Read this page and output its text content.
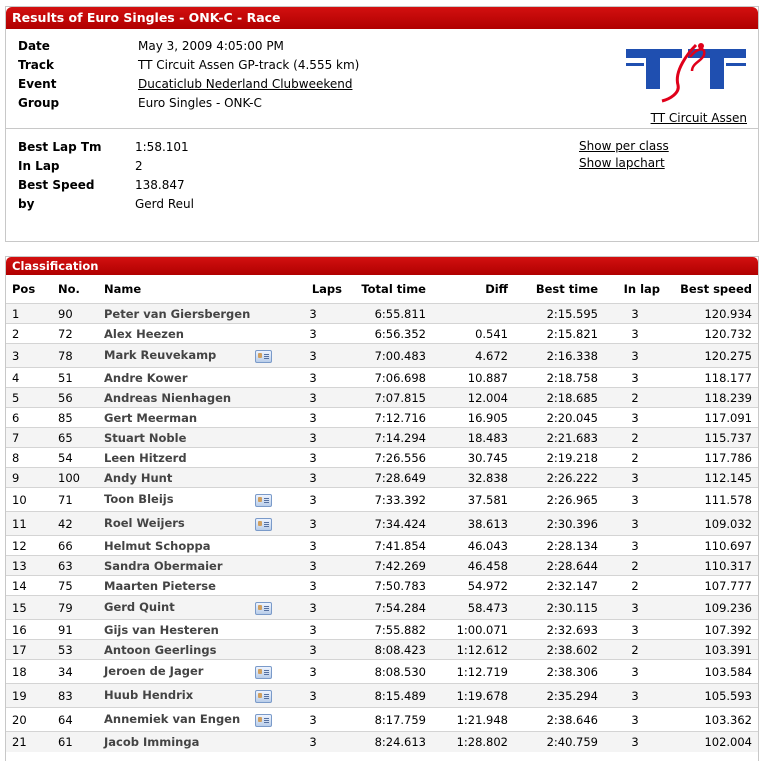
Results of Euro Singles - ONK-C - Race
Date	May 3, 2009 4:05:00 PM
Track	TT Circuit Assen GP-track (4.555 km)
Event	Ducaticlub Nederland Clubweekend
Group	Euro Singles - ONK-C
TT
TT Circuit Assen
Best Lap Tm	1:58.101
In Lap	2
Best Speed	138.847
by	Gerd Reul
Show per class
Show lapchart
Classification
Pos	No.	Name	Laps	Total time	Diff	Best time	In lap	Best speed
1	90	Peter van Giersbergen	3	6:55.811		2:15.595	3	120.934
2	72	Alex Heezen	3	6:56.352	0.541	2:15.821	3	120.732
3	78	Mark Reuvekamp	3	7:00.483	4.672	2:16.338	3	120.275
4	51	Andre Kower	3	7:06.698	10.887	2:18.758	3	118.177
5	56	Andreas Nienhagen	3	7:07.815	12.004	2:18.685	2	118.239
6	85	Gert Meerman	3	7:12.716	16.905	2:20.045	3	117.091
7	65	Stuart Noble	3	7:14.294	18.483	2:21.683	2	115.737
8	54	Leen Hitzerd	3	7:26.556	30.745	2:19.218	2	117.786
9	100	Andy Hunt	3	7:28.649	32.838	2:26.222	3	112.145
10	71	Toon Bleijs	3	7:33.392	37.581	2:26.965	3	111.578
11	42	Roel Weijers	3	7:34.424	38.613	2:30.396	3	109.032
12	66	Helmut Schoppa	3	7:41.854	46.043	2:28.134	3	110.697
13	63	Sandra Obermaier	3	7:42.269	46.458	2:28.644	2	110.317
14	75	Maarten Pieterse	3	7:50.783	54.972	2:32.147	2	107.777
15	79	Gerd Quint	3	7:54.284	58.473	2:30.115	3	109.236
16	91	Gijs van Hesteren	3	7:55.882	1:00.071	2:32.693	3	107.392
17	53	Antoon Geerlings	3	8:08.423	1:12.612	2:38.602	2	103.391
18	34	Jeroen de Jager	3	8:08.530	1:12.719	2:38.306	3	103.584
19	83	Huub Hendrix	3	8:15.489	1:19.678	2:35.294	3	105.593
20	64	Annemiek van Engen	3	8:17.759	1:21.948	2:38.646	3	103.362
21	61	Jacob Imminga	3	8:24.613	1:28.802	2:40.759	3	102.004
